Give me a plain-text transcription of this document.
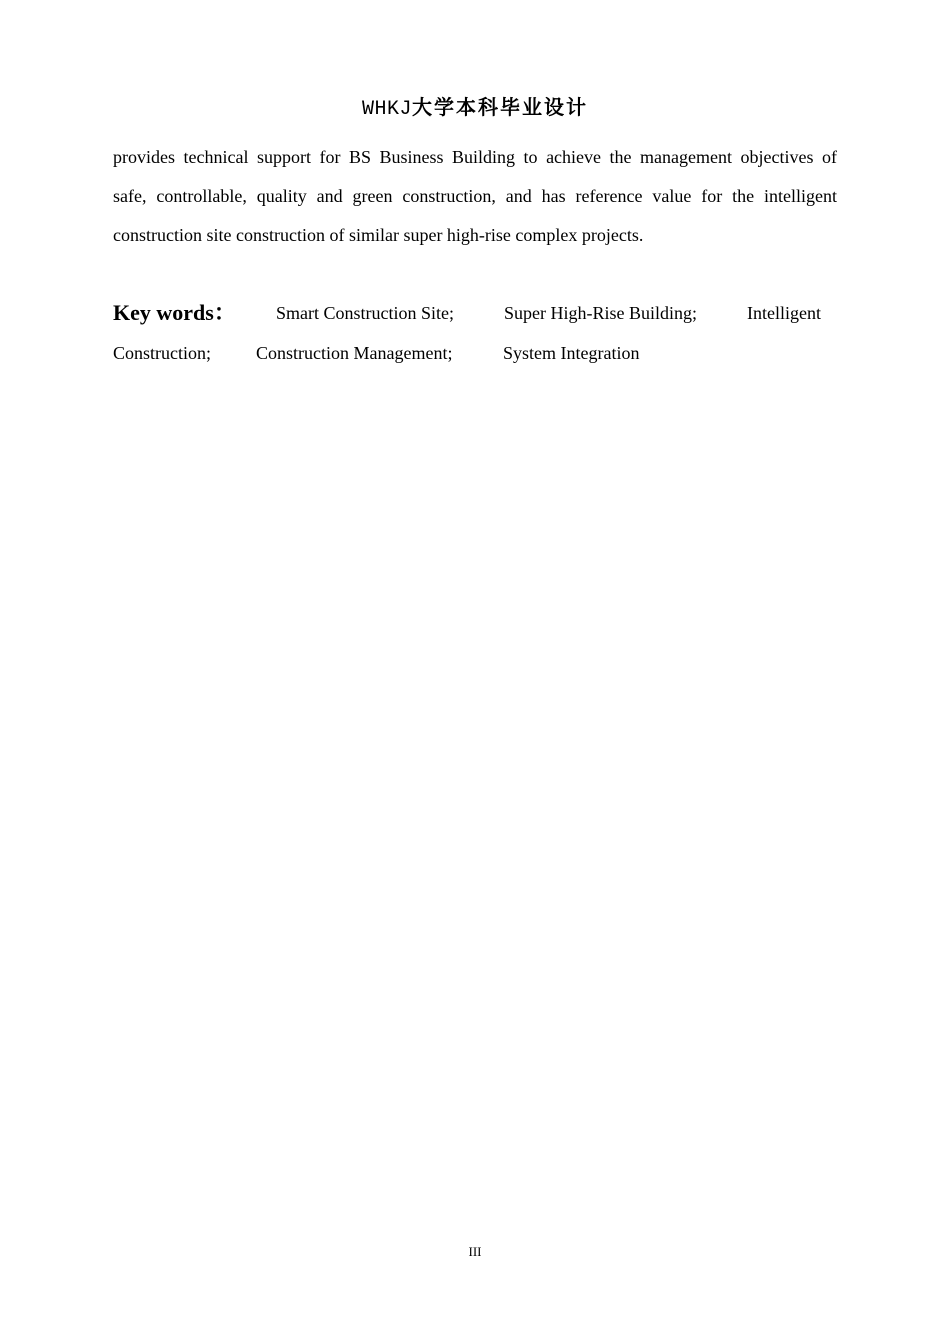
WHKJ大学本科毕业设计

provides technical support for BS Business Building to achieve the management objectives of
safe, controllable, quality and green construction, and has reference value for the intelligent
construction site construction of similar super high-rise complex projects.

Key words： Smart Construction Site;	Super High-Rise Building;	Intelligent
Construction;	Construction Management;	System Integration
III
